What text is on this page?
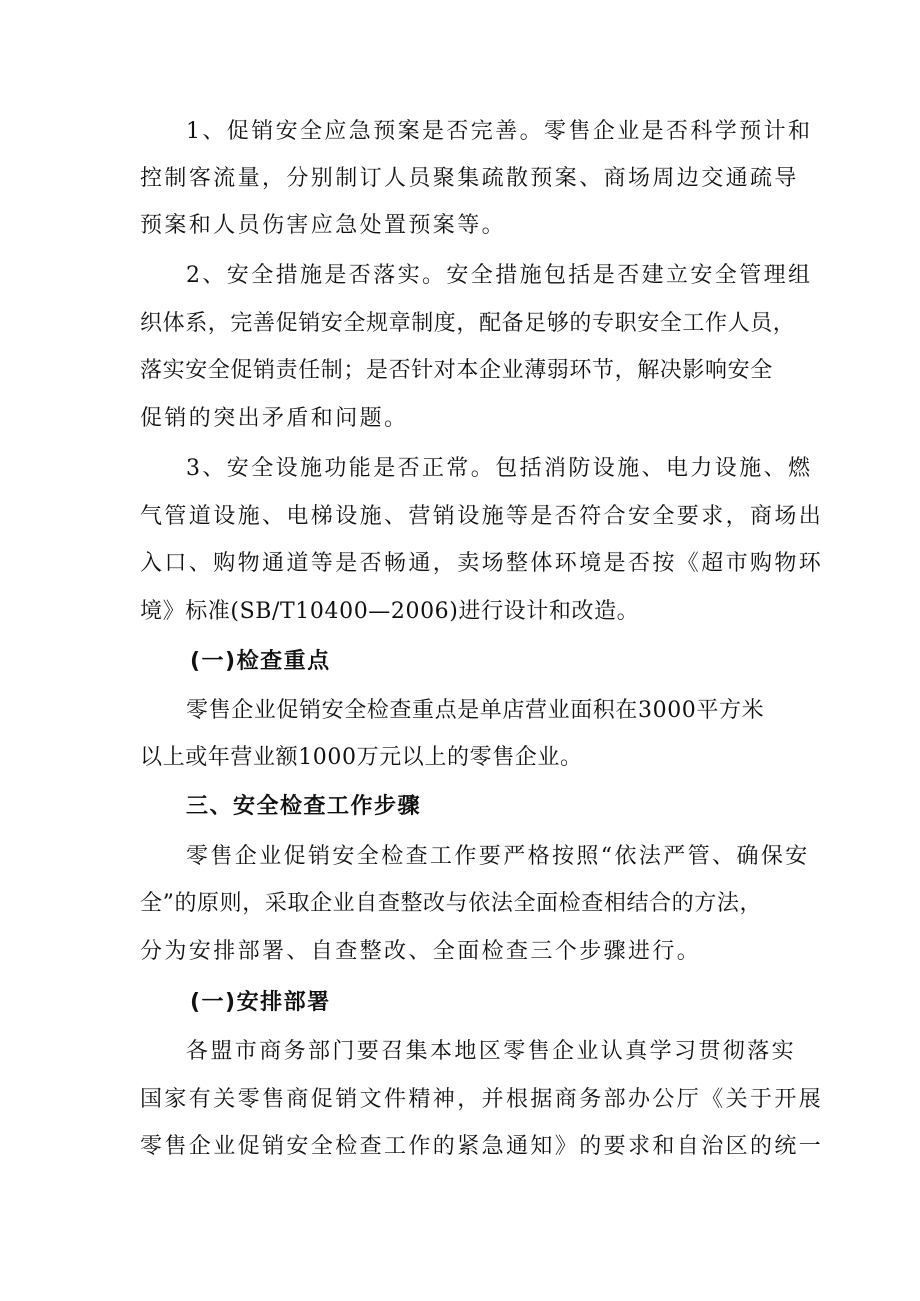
1、促销安全应急预案是否完善。零售企业是否科学预计和
控制客流量，分别制订人员聚集疏散预案、商场周边交通疏导
预案和人员伤害应急处置预案等。
2、安全措施是否落实。安全措施包括是否建立安全管理组
织体系，完善促销安全规章制度，配备足够的专职安全工作人员，
落实安全促销责任制；是否针对本企业薄弱环节，解决影响安全
促销的突出矛盾和问题。
3、安全设施功能是否正常。包括消防设施、电力设施、燃
气管道设施、电梯设施、营销设施等是否符合安全要求，商场出
入口、购物通道等是否畅通，卖场整体环境是否按《超市购物环
境》标准(SB/T10400—2006)进行设计和改造。
(一)检查重点
零售企业促销安全检查重点是单店营业面积在3000平方米
以上或年营业额1000万元以上的零售企业。
三、安全检查工作步骤
零售企业促销安全检查工作要严格按照“依法严管、确保安
全”的原则，采取企业自查整改与依法全面检查相结合的方法，
分为安排部署、自查整改、全面检查三个步骤进行。
(一)安排部署
各盟市商务部门要召集本地区零售企业认真学习贯彻落实
国家有关零售商促销文件精神，并根据商务部办公厅《关于开展
零售企业促销安全检查工作的紧急通知》的要求和自治区的统一
